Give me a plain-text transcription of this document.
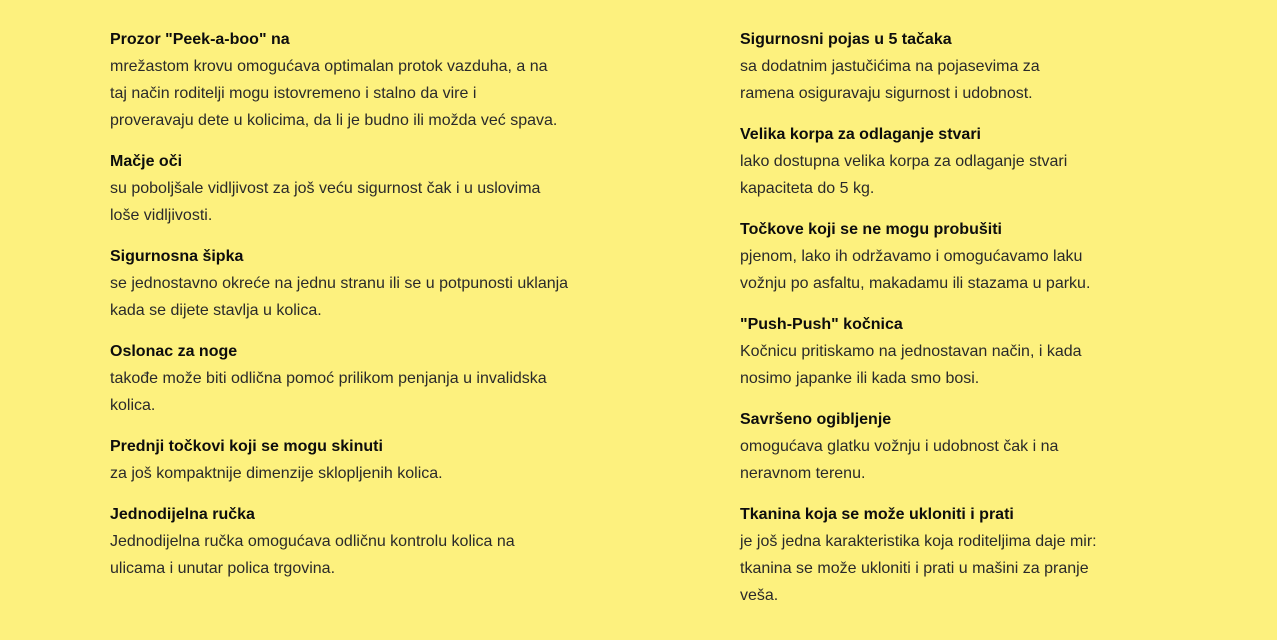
Prozor "Peek-a-boo" na

mrežastom krovu omogućava optimalan protok vazduha, a na

taj način roditelji mogu istovremeno i stalno da vire i

proveravaju dete u kolicima, da li je budno ili možda već spava.

Mačje oči

su poboljšale vidljivost za još veću sigurnost čak i u uslovima

loše vidljivosti.

Sigurnosna šipka

se jednostavno okreće na jednu stranu ili se u potpunosti uklanja

kada se dijete stavlja u kolica.

Oslonac za noge

takođe može biti odlična pomoć prilikom penjanja u invalidska

kolica.

Prednji točkovi koji se mogu skinuti

za još kompaktnije dimenzije sklopljenih kolica.

Jednodijelna ručka

Jednodijelna ručka omogućava odličnu kontrolu kolica na

ulicama i unutar polica trgovina.

Sigurnosni pojas u 5 tačaka

sa dodatnim jastučićima na pojasevima za

ramena osiguravaju sigurnost i udobnost.

Velika korpa za odlaganje stvari

lako dostupna velika korpa za odlaganje stvari

kapaciteta do 5 kg.

Točkove koji se ne mogu probušiti

pjenom, lako ih održavamo i omogućavamo laku

vožnju po asfaltu, makadamu ili stazama u parku.

"Push-Push" kočnica

Kočnicu pritiskamo na jednostavan način, i kada

nosimo japanke ili kada smo bosi.

Savršeno ogibljenje

omogućava glatku vožnju i udobnost čak i na

neravnom terenu.

Tkanina koja se može ukloniti i prati

je još jedna karakteristika koja roditeljima daje mir:

tkanina se može ukloniti i prati u mašini za pranje

veša.
